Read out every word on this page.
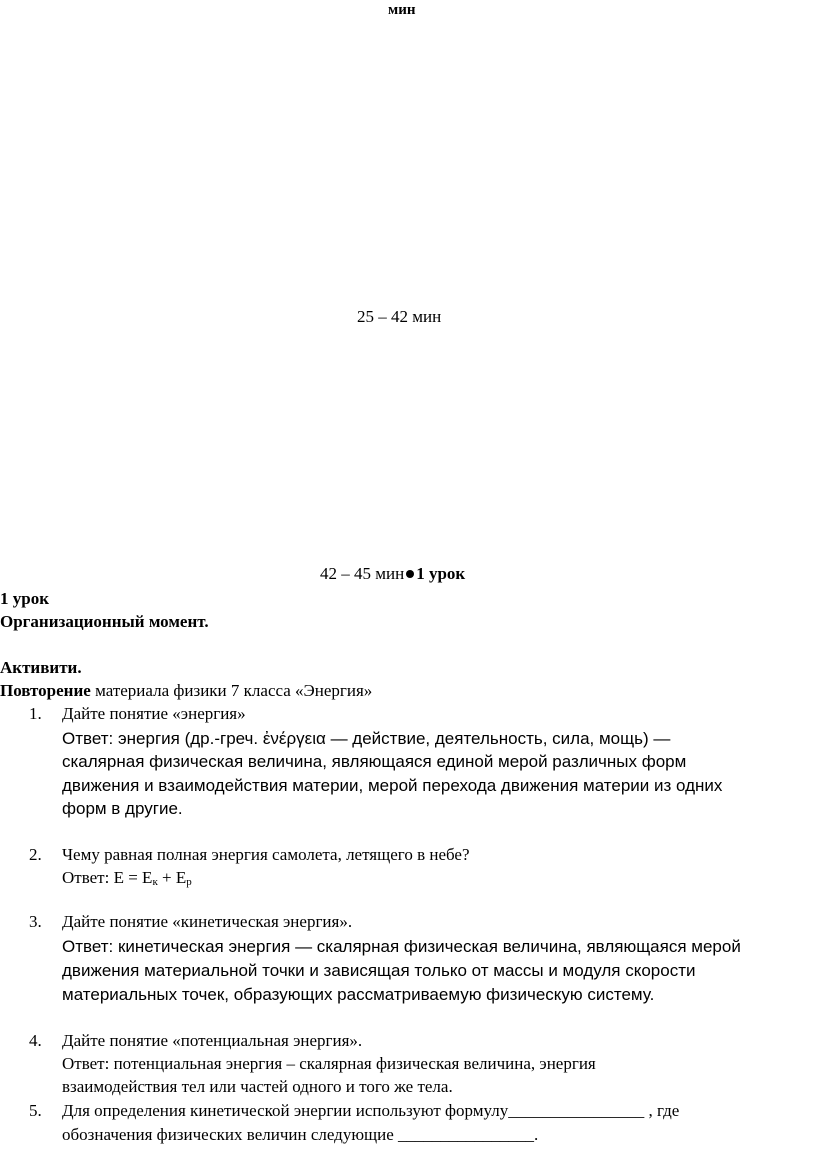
мин
25 – 42 мин
42 – 45 мин 1 урок
1 урок
Организационный момент.
Активити.
Повторение материала физики 7 класса «Энергия»
1. Дайте понятие «энергия»
Ответ: энергия (др.-греч. ἐνέργεια — действие, деятельность, сила, мощь) —
скалярная физическая величина, являющаяся единой мерой различных форм
движения и взаимодействия материи, мерой перехода движения материи из одних
форм в другие.
2. Чему равная полная энергия самолета, летящего в небе?
Ответ: $E = E_к + E_р$
3. Дайте понятие «кинетическая энергия».
Ответ: кинетическая энергия — скалярная физическая величина, являющаяся мерой
движения материальной точки и зависящая только от массы и модуля скорости
материальных точек, образующих рассматриваемую физическую систему.
4. Дайте понятие «потенциальная энергия».
Ответ: потенциальная энергия – скалярная физическая величина, энергия
взаимодействия тел или частей одного и того же тела.
5. Для определения кинетической энергии используют формулу________________ , где
обозначения физических величин следующие ________________.
